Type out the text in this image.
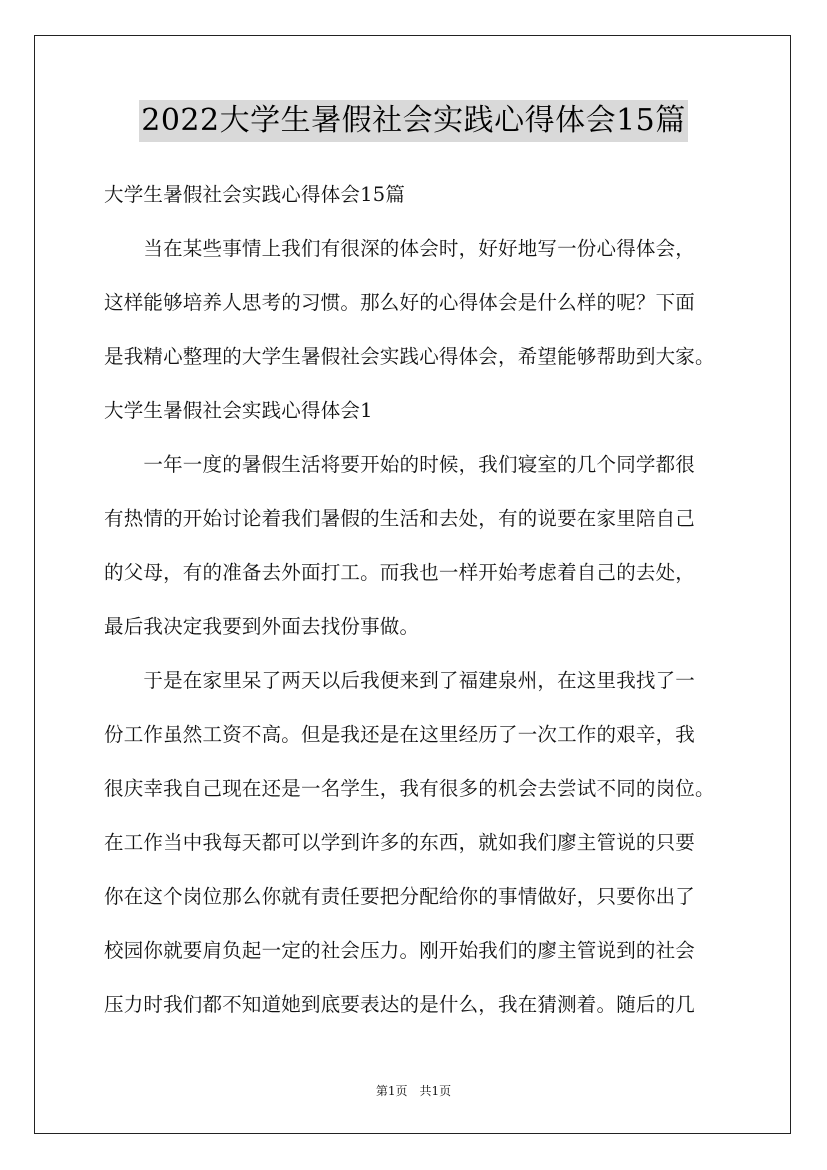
2022大学生暑假社会实践心得体会15篇
大学生暑假社会实践心得体会15篇
　　当在某些事情上我们有很深的体会时，好好地写一份心得体会，
这样能够培养人思考的习惯。那么好的心得体会是什么样的呢？下面
是我精心整理的大学生暑假社会实践心得体会，希望能够帮助到大家。
大学生暑假社会实践心得体会1
　　一年一度的暑假生活将要开始的时候，我们寝室的几个同学都很
有热情的开始讨论着我们暑假的生活和去处，有的说要在家里陪自己
的父母，有的准备去外面打工。而我也一样开始考虑着自己的去处，
最后我决定我要到外面去找份事做。
　　于是在家里呆了两天以后我便来到了福建泉州，在这里我找了一
份工作虽然工资不高。但是我还是在这里经历了一次工作的艰辛，我
很庆幸我自己现在还是一名学生，我有很多的机会去尝试不同的岗位。
在工作当中我每天都可以学到许多的东西，就如我们廖主管说的只要
你在这个岗位那么你就有责任要把分配给你的事情做好，只要你出了
校园你就要肩负起一定的社会压力。刚开始我们的廖主管说到的社会
压力时我们都不知道她到底要表达的是什么，我在猜测着。随后的几
第1页　共1页
